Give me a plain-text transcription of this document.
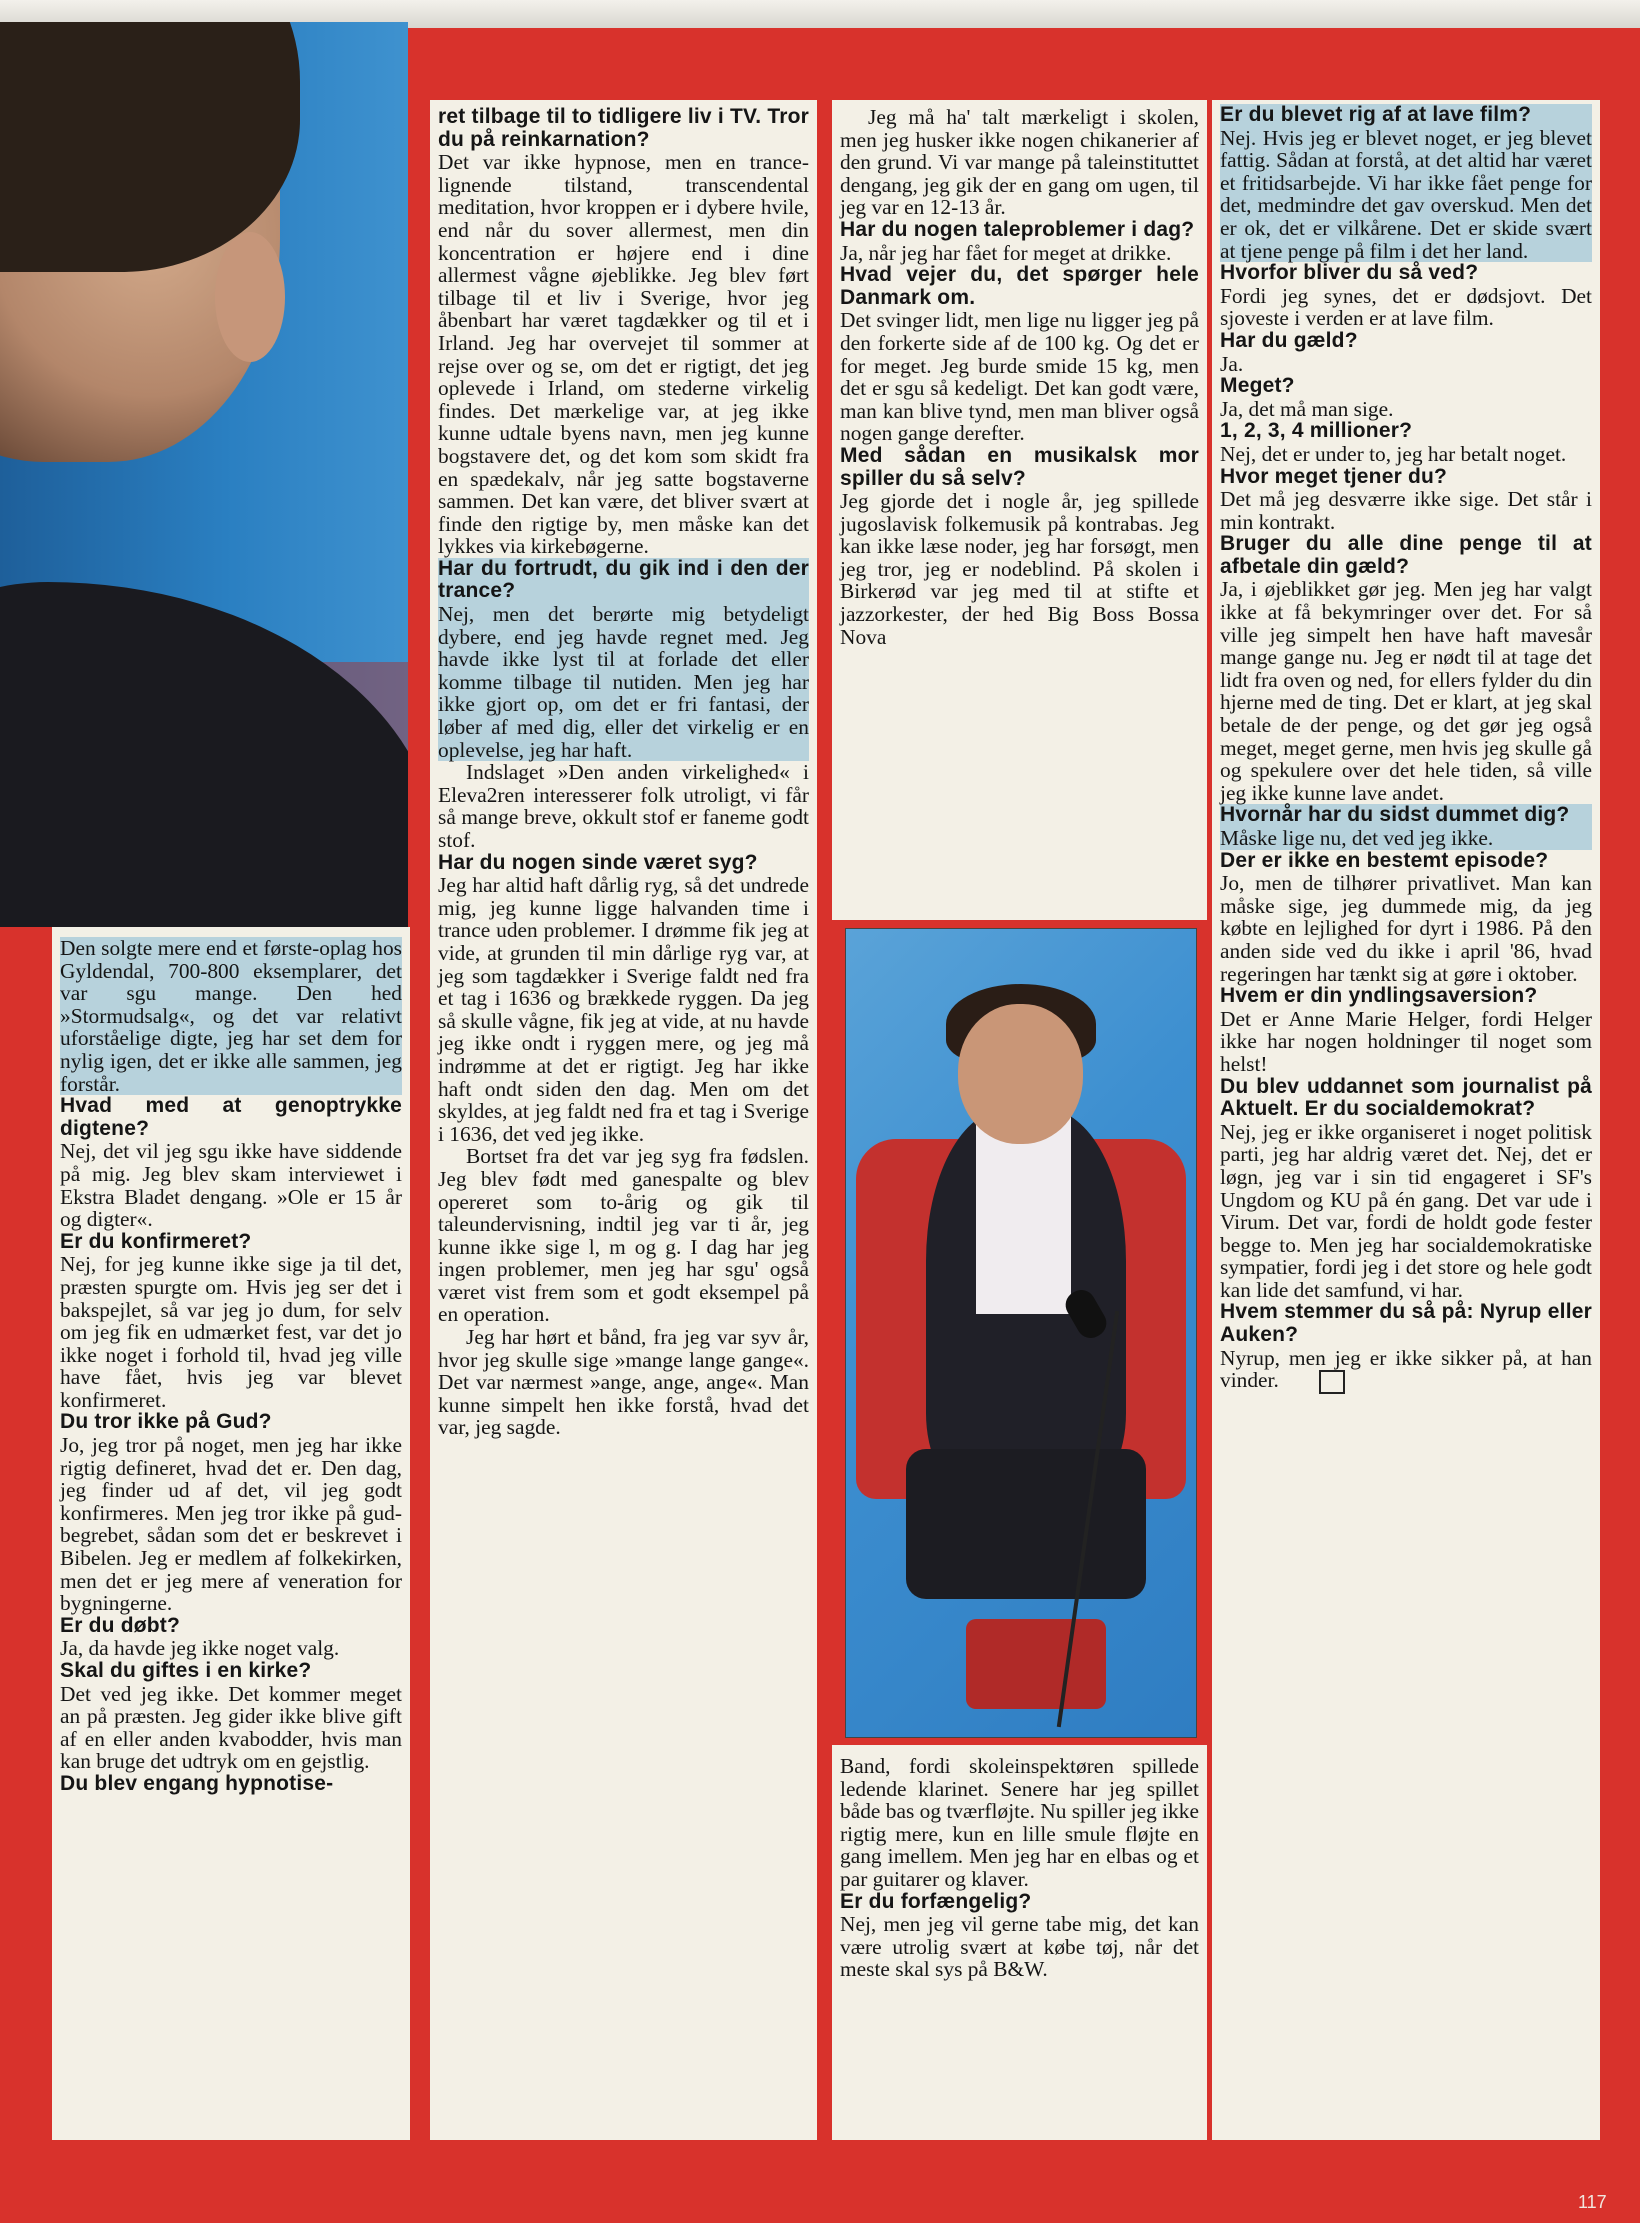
Den solgte mere end et første-oplag hos Gyldendal, 700-800 eksemplarer, det var sgu mange. Den hed »Stormudsalg«, og det var relativt uforståelige digte, jeg har set dem for nylig igen, det er ikke alle sammen, jeg forstår.

Hvad med at genoptrykke digtene?

Nej, det vil jeg sgu ikke have siddende på mig. Jeg blev skam interviewet i Ekstra Bladet dengang. »Ole er 15 år og digter«.

Er du konfirmeret?

Nej, for jeg kunne ikke sige ja til det, præsten spurgte om. Hvis jeg ser det i bakspejlet, så var jeg jo dum, for selv om jeg fik en udmærket fest, var det jo ikke noget i forhold til, hvad jeg ville have fået, hvis jeg var blevet konfirmeret.

Du tror ikke på Gud?

Jo, jeg tror på noget, men jeg har ikke rigtig defineret, hvad det er. Den dag, jeg finder ud af det, vil jeg godt konfirmeres. Men jeg tror ikke på gud-begrebet, sådan som det er beskrevet i Bibelen. Jeg er medlem af folkekirken, men det er jeg mere af veneration for bygningerne.

Er du døbt?

Ja, da havde jeg ikke noget valg.

Skal du giftes i en kirke?

Det ved jeg ikke. Det kommer meget an på præsten. Jeg gider ikke blive gift af en eller anden kvabodder, hvis man kan bruge det udtryk om en gejstlig.

Du blev engang hypnotise-

ret tilbage til to tidligere liv i TV. Tror du på reinkarnation?

Det var ikke hypnose, men en trance-lignende tilstand, transcendental meditation, hvor kroppen er i dybere hvile, end når du sover allermest, men din koncentration er højere end i dine allermest vågne øjeblikke. Jeg blev ført tilbage til et liv i Sverige, hvor jeg åbenbart har været tagdækker og til et i Irland. Jeg har overvejet til sommer at rejse over og se, om det er rigtigt, det jeg oplevede i Irland, om stederne virkelig findes. Det mærkelige var, at jeg ikke kunne udtale byens navn, men jeg kunne bogstavere det, og det kom som skidt fra en spædekalv, når jeg satte bogstaverne sammen. Det kan være, det bliver svært at finde den rigtige by, men måske kan det lykkes via kirkebøgerne.

Har du fortrudt, du gik ind i den der trance?

Nej, men det berørte mig betydeligt dybere, end jeg havde regnet med. Jeg havde ikke lyst til at forlade det eller komme tilbage til nutiden. Men jeg har ikke gjort op, om det er fri fantasi, der løber af med dig, eller det virkelig er en oplevelse, jeg har haft.

Indslaget »Den anden virkelighed« i Eleva2ren interesserer folk utroligt, vi får så mange breve, okkult stof er faneme godt stof.

Har du nogen sinde været syg?

Jeg har altid haft dårlig ryg, så det undrede mig, jeg kunne ligge halvanden time i trance uden problemer. I drømme fik jeg at vide, at grunden til min dårlige ryg var, at jeg som tagdækker i Sverige faldt ned fra et tag i 1636 og brækkede ryggen. Da jeg så skulle vågne, fik jeg at vide, at nu havde jeg ikke ondt i ryggen mere, og jeg må indrømme at det er rigtigt. Jeg har ikke haft ondt siden den dag. Men om det skyldes, at jeg faldt ned fra et tag i Sverige i 1636, det ved jeg ikke.

Bortset fra det var jeg syg fra fødslen. Jeg blev født med ganespalte og blev opereret som to-årig og gik til taleundervisning, indtil jeg var ti år, jeg kunne ikke sige l, m og g. I dag har jeg ingen problemer, men jeg har sgu' også været vist frem som et godt eksempel på en operation.

Jeg har hørt et bånd, fra jeg var syv år, hvor jeg skulle sige »mange lange gange«. Det var nærmest »ange, ange, ange«. Man kunne simpelt hen ikke forstå, hvad det var, jeg sagde.

Jeg må ha' talt mærkeligt i skolen, men jeg husker ikke nogen chikanerier af den grund. Vi var mange på taleinstituttet dengang, jeg gik der en gang om ugen, til jeg var en 12-13 år.

Har du nogen taleproblemer i dag?

Ja, når jeg har fået for meget at drikke.

Hvad vejer du, det spørger hele Danmark om.

Det svinger lidt, men lige nu ligger jeg på den forkerte side af de 100 kg. Og det er for meget. Jeg burde smide 15 kg, men det er sgu så kedeligt. Det kan godt være, man kan blive tynd, men man bliver også nogen gange derefter.

Med sådan en musikalsk mor spiller du så selv?

Jeg gjorde det i nogle år, jeg spillede jugoslavisk folkemusik på kontrabas. Jeg kan ikke læse noder, jeg har forsøgt, men jeg tror, jeg er nodeblind. På skolen i Birkerød var jeg med til at stifte et jazzorkester, der hed Big Boss Bossa Nova

Band, fordi skoleinspektøren spillede ledende klarinet. Senere har jeg spillet både bas og tværfløjte. Nu spiller jeg ikke rigtig mere, kun en lille smule fløjte en gang imellem. Men jeg har en elbas og et par guitarer og klaver.

Er du forfængelig?

Nej, men jeg vil gerne tabe mig, det kan være utrolig svært at købe tøj, når det meste skal sys på B&W.

Er du blevet rig af at lave film?

Nej. Hvis jeg er blevet noget, er jeg blevet fattig. Sådan at forstå, at det altid har været et fritidsarbejde. Vi har ikke fået penge for det, medmindre det gav overskud. Men det er ok, det er vilkårene. Det er skide svært at tjene penge på film i det her land.

Hvorfor bliver du så ved?

Fordi jeg synes, det er dødsjovt. Det sjoveste i verden er at lave film.

Har du gæld?

Ja.

Meget?

Ja, det må man sige.

1, 2, 3, 4 millioner?

Nej, det er under to, jeg har betalt noget.

Hvor meget tjener du?

Det må jeg desværre ikke sige. Det står i min kontrakt.

Bruger du alle dine penge til at afbetale din gæld?

Ja, i øjeblikket gør jeg. Men jeg har valgt ikke at få bekymringer over det. For så ville jeg simpelt hen have haft mavesår mange gange nu. Jeg er nødt til at tage det lidt fra oven og ned, for ellers fylder du din hjerne med de ting. Det er klart, at jeg skal betale de der penge, og det gør jeg også meget, meget gerne, men hvis jeg skulle gå og spekulere over det hele tiden, så ville jeg ikke kunne lave andet.

Hvornår har du sidst dummet dig?

Måske lige nu, det ved jeg ikke.

Der er ikke en bestemt episode?

Jo, men de tilhører privatlivet. Man kan måske sige, jeg dummede mig, da jeg købte en lejlighed for dyrt i 1986. På den anden side ved du ikke i april '86, hvad regeringen har tænkt sig at gøre i oktober.

Hvem er din yndlingsaversion?

Det er Anne Marie Helger, fordi Helger ikke har nogen holdninger til noget som helst!

Du blev uddannet som journalist på Aktuelt. Er du socialdemokrat?

Nej, jeg er ikke organiseret i noget politisk parti, jeg har aldrig været det. Nej, det er løgn, jeg var i sin tid engageret i SF's Ungdom og KU på én gang. Det var ude i Virum. Det var, fordi de holdt gode fester begge to. Men jeg har socialdemokratiske sympatier, fordi jeg i det store og hele godt kan lide det samfund, vi har.

Hvem stemmer du så på: Nyrup eller Auken?

Nyrup, men jeg er ikke sikker på, at han vinder.

117
